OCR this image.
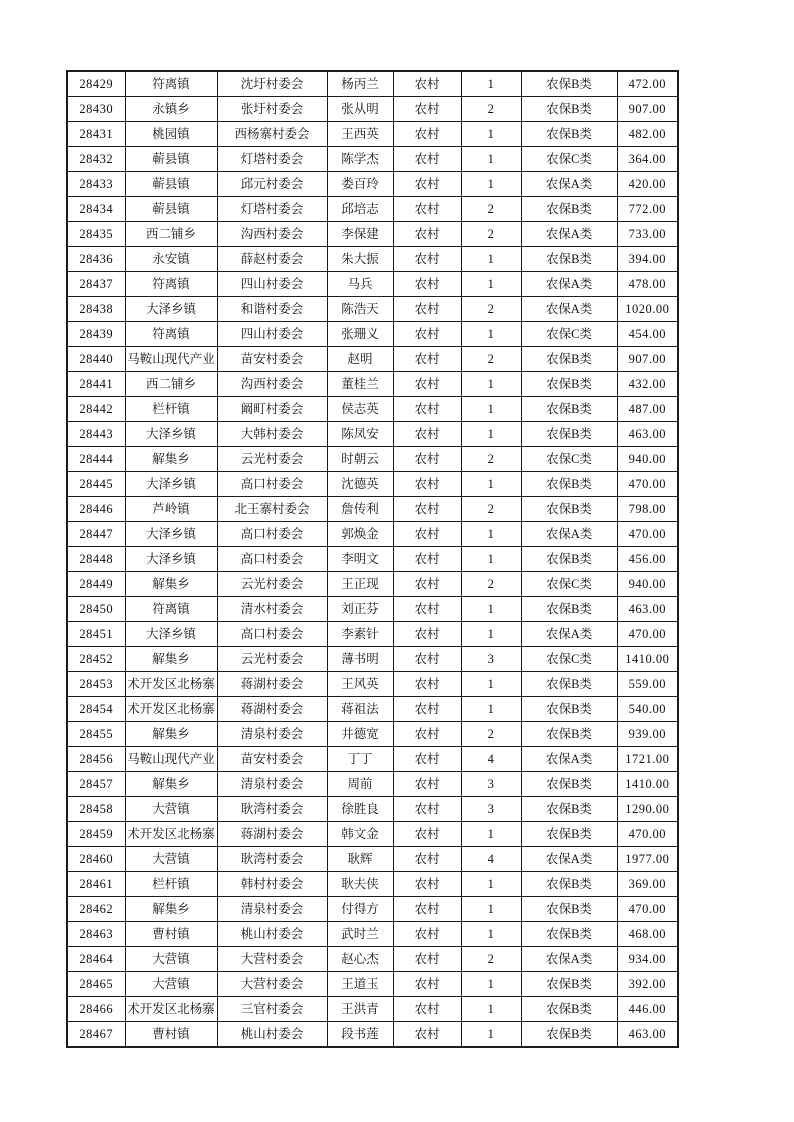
28429	符离镇	沈圩村委会	杨丙兰	农村	1	农保B类	472.00
28430	永镇乡	张圩村委会	张从明	农村	2	农保B类	907.00
28431	桃园镇	西杨寨村委会	王西英	农村	1	农保B类	482.00
28432	蕲县镇	灯塔村委会	陈学杰	农村	1	农保C类	364.00
28433	蕲县镇	邱元村委会	娄百玲	农村	1	农保A类	420.00
28434	蕲县镇	灯塔村委会	邱培志	农村	2	农保B类	772.00
28435	西二铺乡	沟西村委会	李保建	农村	2	农保A类	733.00
28436	永安镇	薛赵村委会	朱大振	农村	1	农保B类	394.00
28437	符离镇	四山村委会	马兵	农村	1	农保A类	478.00
28438	大泽乡镇	和谐村委会	陈浩天	农村	2	农保A类	1020.00
28439	符离镇	四山村委会	张珊义	农村	1	农保C类	454.00
28440	马鞍山现代产业	苗安村委会	赵明	农村	2	农保B类	907.00
28441	西二铺乡	沟西村委会	董桂兰	农村	1	农保B类	432.00
28442	栏杆镇	阚町村委会	侯志英	农村	1	农保B类	487.00
28443	大泽乡镇	大韩村委会	陈凤安	农村	1	农保B类	463.00
28444	解集乡	云光村委会	时朝云	农村	2	农保C类	940.00
28445	大泽乡镇	高口村委会	沈德英	农村	1	农保B类	470.00
28446	芦岭镇	北王寨村委会	詹传利	农村	2	农保B类	798.00
28447	大泽乡镇	高口村委会	郭焕金	农村	1	农保A类	470.00
28448	大泽乡镇	高口村委会	李明文	农村	1	农保B类	456.00
28449	解集乡	云光村委会	王正现	农村	2	农保C类	940.00
28450	符离镇	清水村委会	刘正芬	农村	1	农保B类	463.00
28451	大泽乡镇	高口村委会	李素针	农村	1	农保A类	470.00
28452	解集乡	云光村委会	薄书明	农村	3	农保C类	1410.00
28453	术开发区北杨寨	蒋湖村委会	王风英	农村	1	农保B类	559.00
28454	术开发区北杨寨	蒋湖村委会	蒋祖法	农村	1	农保B类	540.00
28455	解集乡	清泉村委会	井德宽	农村	2	农保B类	939.00
28456	马鞍山现代产业	苗安村委会	丁丁	农村	4	农保A类	1721.00
28457	解集乡	清泉村委会	周前	农村	3	农保B类	1410.00
28458	大营镇	耿湾村委会	徐胜良	农村	3	农保B类	1290.00
28459	术开发区北杨寨	蒋湖村委会	韩文金	农村	1	农保B类	470.00
28460	大营镇	耿湾村委会	耿辉	农村	4	农保A类	1977.00
28461	栏杆镇	韩村村委会	耿夫侠	农村	1	农保B类	369.00
28462	解集乡	清泉村委会	付得方	农村	1	农保B类	470.00
28463	曹村镇	桃山村委会	武时兰	农村	1	农保B类	468.00
28464	大营镇	大营村委会	赵心杰	农村	2	农保A类	934.00
28465	大营镇	大营村委会	王道玉	农村	1	农保B类	392.00
28466	术开发区北杨寨	三官村委会	王洪青	农村	1	农保B类	446.00
28467	曹村镇	桃山村委会	段书莲	农村	1	农保B类	463.00
